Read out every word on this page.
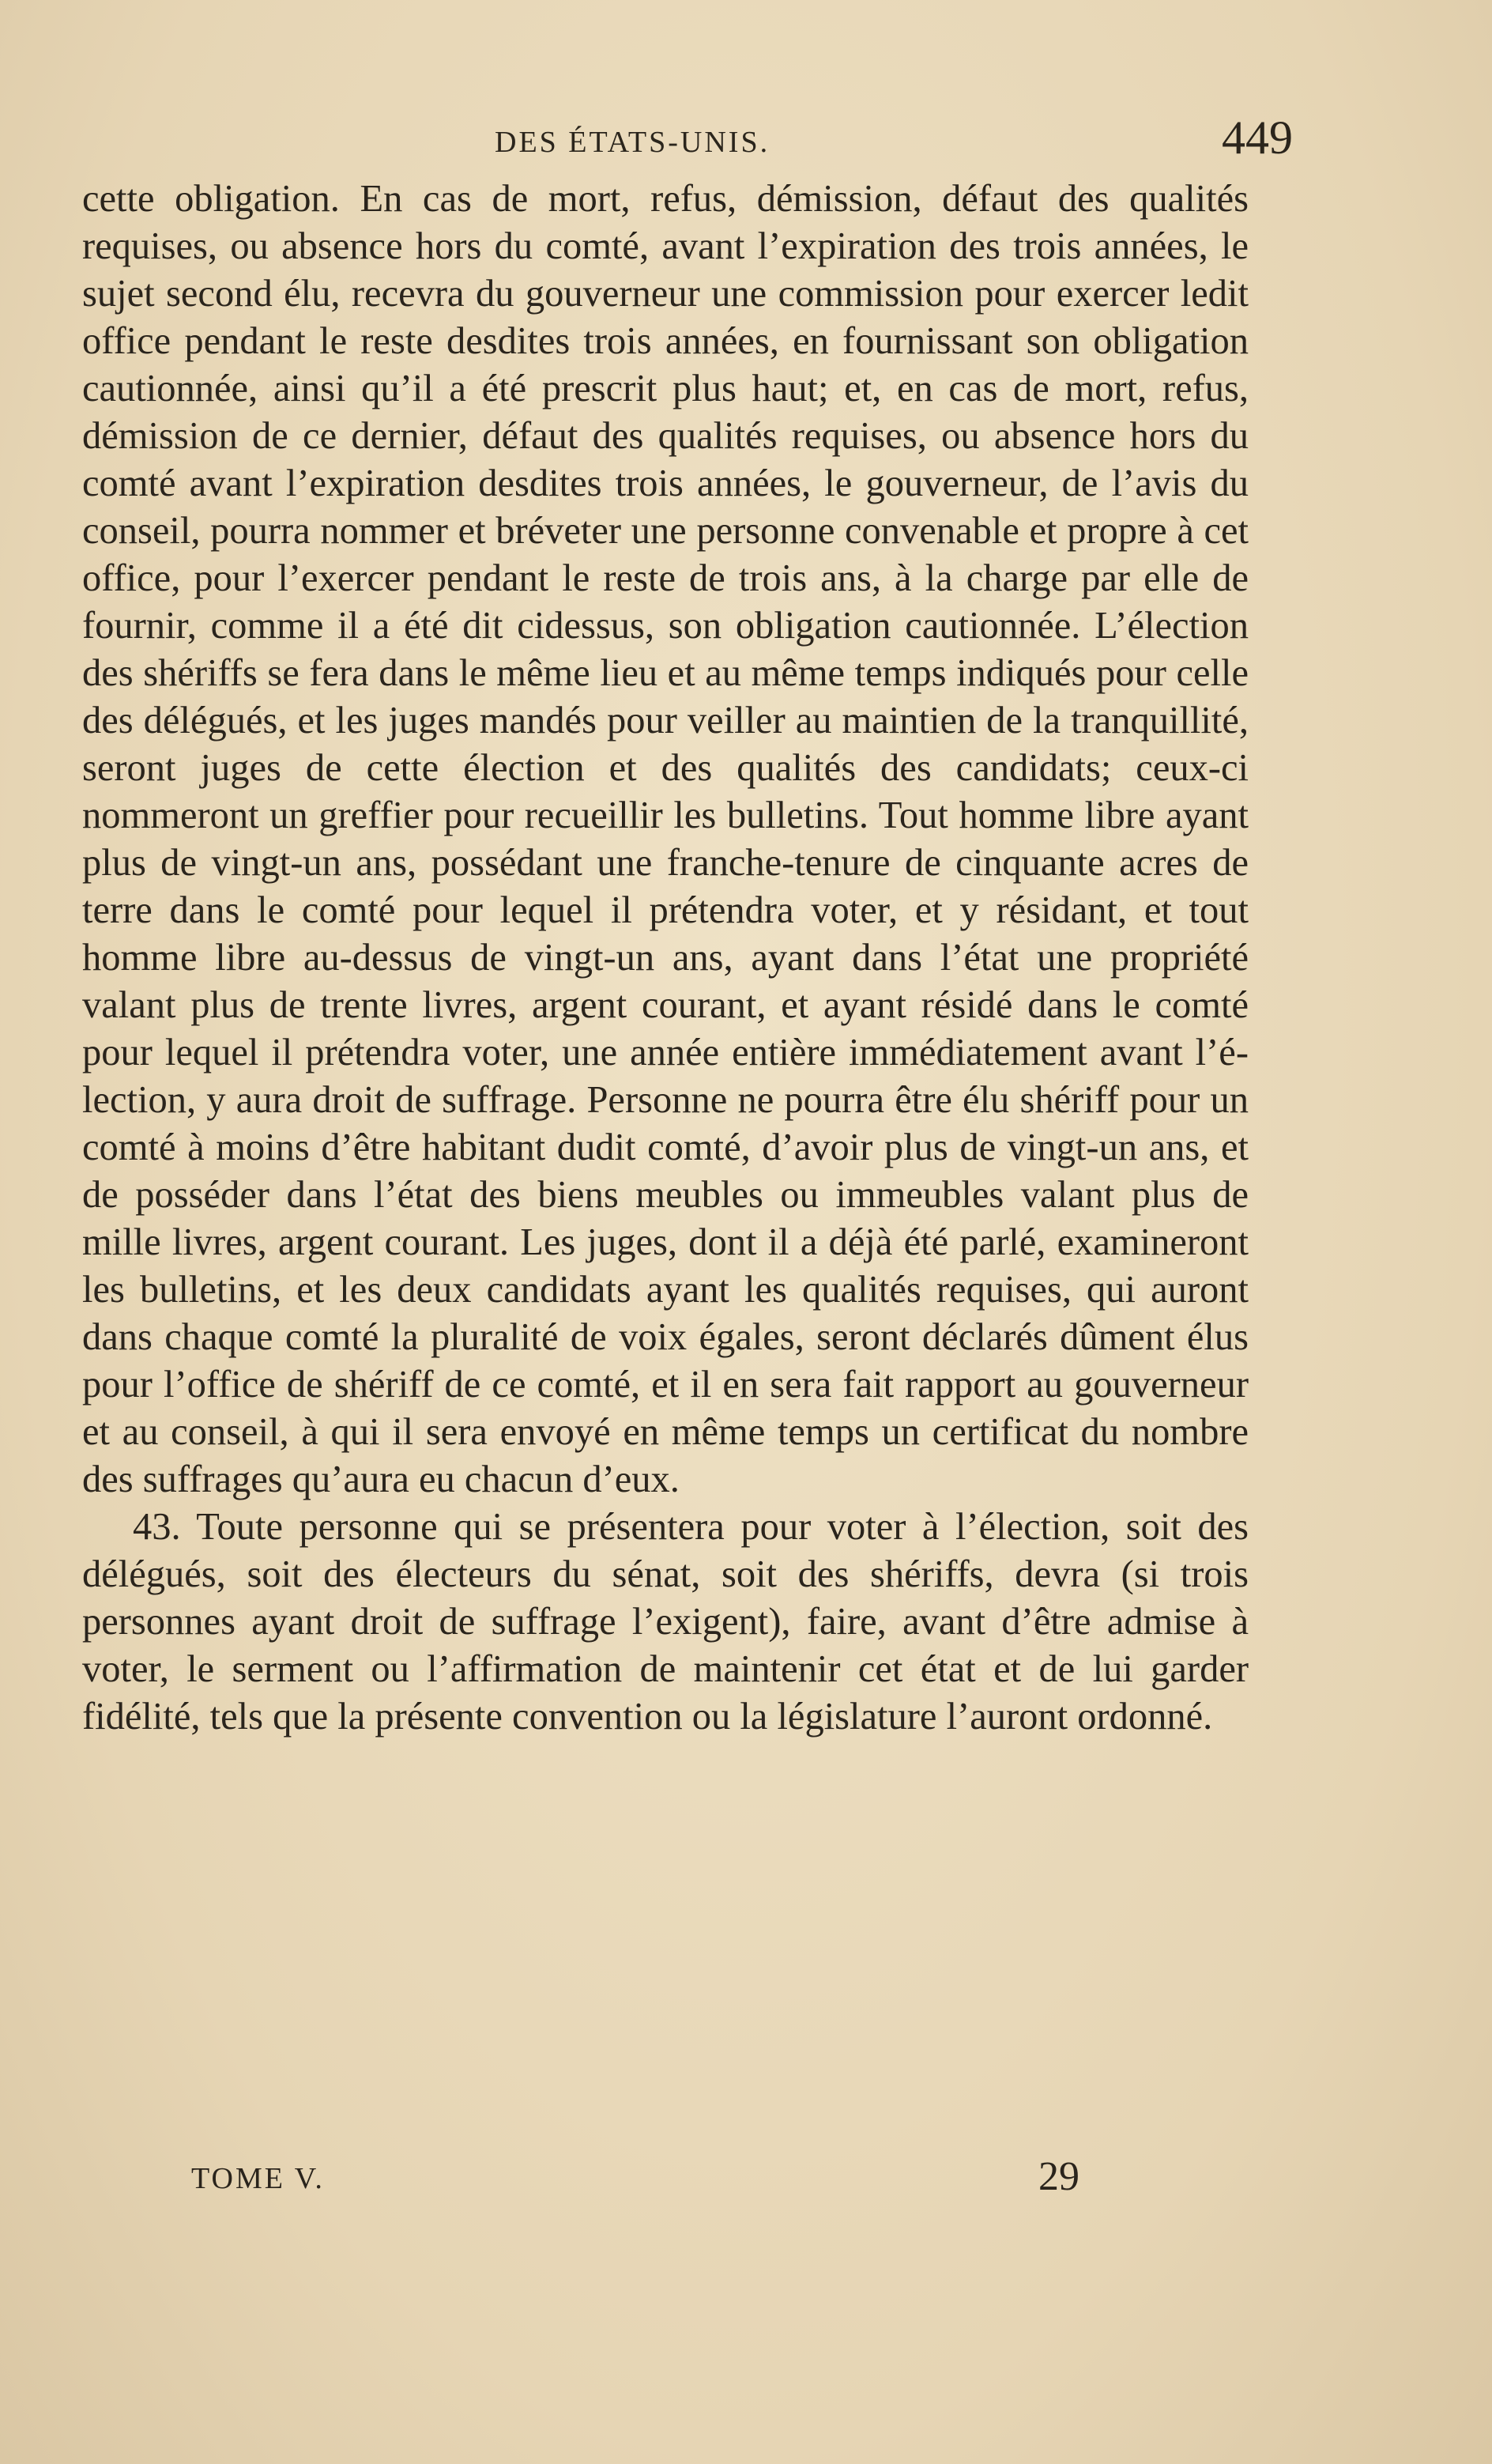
DES ÉTATS-UNIS.	449

cette obligation. En cas de mort, refus, démission, défaut des qualités requises, ou absence hors du comté, avant l’expiration des trois années, le sujet second élu, recevra du gouverneur une commission pour exercer ledit office pendant le reste desdites trois années, en fournissant son obligation cautionnée, ainsi qu’il a été prescrit plus haut; et, en cas de mort, refus, démission de ce dernier, défaut des qualités requises, ou absence hors du comté avant l’expiration desdites trois années, le gouverneur, de l’avis du conseil, pourra nommer et bréveter une personne convenable et propre à cet office, pour l’exercer pendant le reste de trois ans, à la charge par elle de fournir, comme il a été dit cidessus, son obligation cautionnée. L’élection des shériffs se fera dans le même lieu et au même temps indiqués pour celle des délégués, et les juges mandés pour veiller au maintien de la tranquillité, seront juges de cette élection et des qualités des candidats; ceux-ci nommeront un greffier pour recueillir les bulletins. Tout homme libre ayant plus de vingt-un ans, possédant une franche-tenure de cinquante acres de terre dans le comté pour lequel il prétendra voter, et y résidant, et tout homme libre au-dessus de vingt-un ans, ayant dans l’état une propriété valant plus de trente livres, argent courant, et ayant résidé dans le comté pour lequel il prétendra voter, une année entière immédiatement avant l’élection, y aura droit de suffrage. Personne ne pourra être élu shériff pour un comté à moins d’être habitant dudit comté, d’avoir plus de vingt-un ans, et de posséder dans l’état des biens meubles ou immeubles valant plus de mille livres, argent courant. Les juges, dont il a déjà été parlé, examineront les bulletins, et les deux candidats ayant les qualités requises, qui auront dans chaque comté la pluralité de voix égales, seront déclarés dûment élus pour l’office de shériff de ce comté, et il en sera fait rapport au gouverneur et au conseil, à qui il sera envoyé en même temps un certificat du nombre des suffrages qu’aura eu chacun d’eux.

43. Toute personne qui se présentera pour voter à l’élection, soit des délégués, soit des électeurs du sénat, soit des shériffs, devra (si trois personnes ayant droit de suffrage l’exigent), faire, avant d’être admise à voter, le serment ou l’affirmation de maintenir cet état et de lui garder fidélité, tels que la présente convention ou la législature l’auront ordonné.

TOME V.	29
